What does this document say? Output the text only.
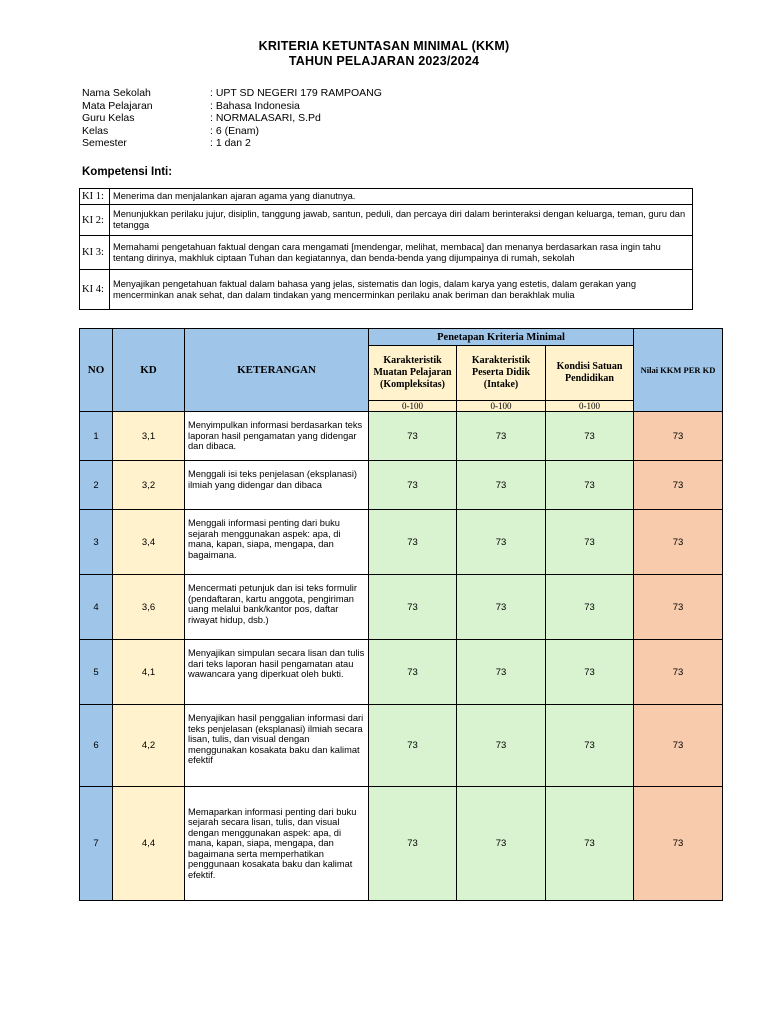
KRITERIA KETUNTASAN MINIMAL (KKM)
TAHUN PELAJARAN 2023/2024
Nama Sekolah	: UPT SD NEGERI 179 RAMPOANG
Mata Pelajaran	: Bahasa Indonesia
Guru Kelas	: NORMALASARI, S.Pd
Kelas	: 6 (Enam)
Semester	: 1 dan 2
Kompetensi Inti:
KI 1:	Menerima dan menjalankan ajaran agama yang dianutnya.
KI 2:	Menunjukkan perilaku jujur, disiplin, tanggung jawab, santun, peduli, dan percaya diri dalam berinteraksi dengan keluarga, teman, guru dan tetangga
KI 3:	Memahami pengetahuan faktual dengan cara mengamati [mendengar, melihat, membaca] dan menanya berdasarkan rasa ingin tahu tentang dirinya, makhluk ciptaan Tuhan dan kegiatannya, dan benda-benda yang dijumpainya di rumah, sekolah
KI 4:	Menyajikan pengetahuan faktual dalam bahasa yang jelas, sistematis dan logis, dalam karya yang estetis, dalam gerakan yang mencerminkan anak sehat, dan dalam tindakan yang mencerminkan perilaku anak beriman dan berakhlak mulia
NO	KD	KETERANGAN	Penetapan Kriteria Minimal			Nilai KKM PER KD
			Karakteristik Muatan Pelajaran (Kompleksitas)	Karakteristik Peserta Didik (Intake)	Kondisi Satuan Pendidikan	
			0-100	0-100	0-100	
1	3,1	Menyimpulkan informasi berdasarkan teks laporan hasil pengamatan yang didengar dan dibaca.	73	73	73	73
2	3,2	Menggali isi teks penjelasan (eksplanasi) ilmiah yang didengar dan dibaca	73	73	73	73
3	3,4	Menggali informasi penting dari buku sejarah menggunakan aspek: apa, di mana, kapan, siapa, mengapa, dan bagaimana.	73	73	73	73
4	3,6	Mencermati petunjuk dan isi teks formulir (pendaftaran, kartu anggota, pengiriman uang melalui bank/kantor pos, daftar riwayat hidup, dsb.)	73	73	73	73
5	4,1	Menyajikan simpulan secara lisan dan tulis dari teks laporan hasil pengamatan atau wawancara yang diperkuat oleh bukti.	73	73	73	73
6	4,2	Menyajikan hasil penggalian informasi dari teks penjelasan (eksplanasi) ilmiah secara lisan, tulis, dan visual dengan menggunakan kosakata baku dan kalimat efektif	73	73	73	73
7	4,4	Memaparkan informasi penting dari buku sejarah secara lisan, tulis, dan visual dengan menggunakan aspek: apa, di mana, kapan, siapa, mengapa, dan bagaimana serta memperhatikan penggunaan kosakata baku dan kalimat efektif.	73	73	73	73
